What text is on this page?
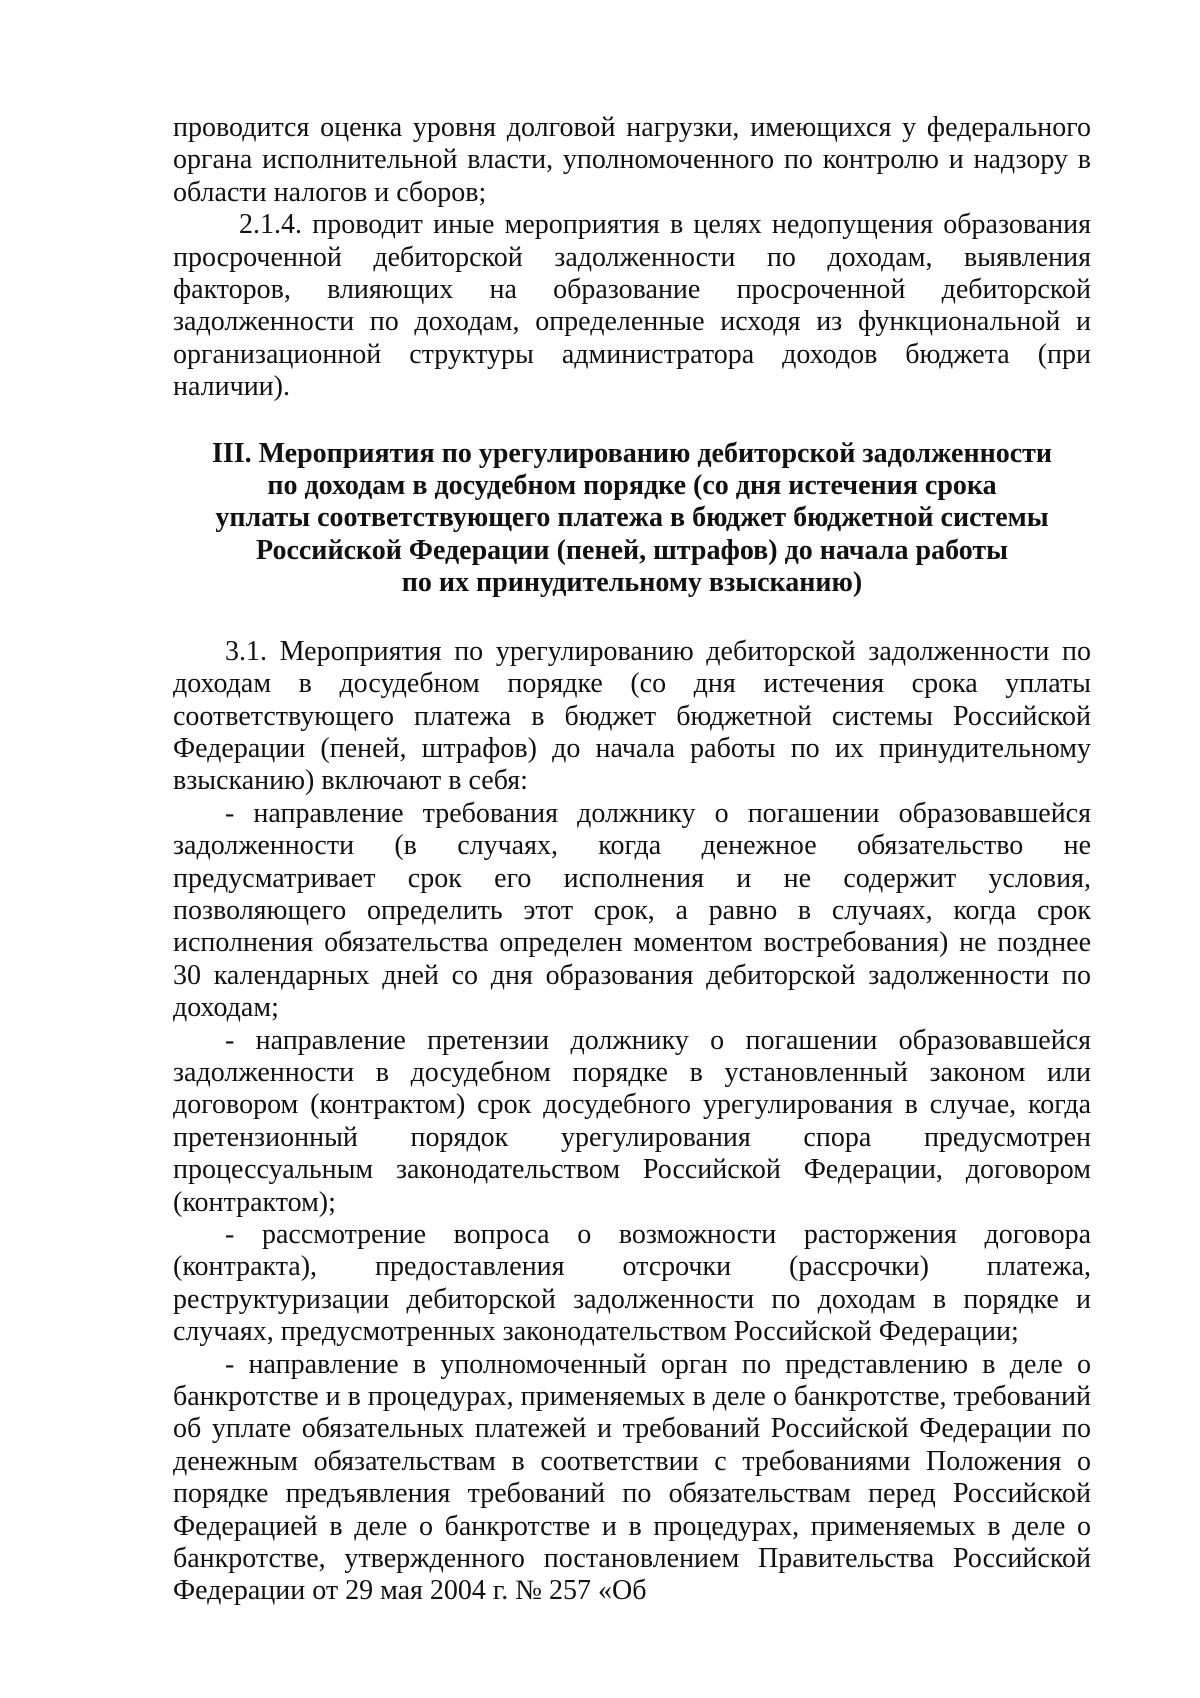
проводится оценка уровня долговой нагрузки, имеющихся у федерального органа исполнительной власти, уполномоченного по контролю и надзору в области налогов и сборов;

2.1.4. проводит иные мероприятия в целях недопущения образования просроченной дебиторской задолженности по доходам, выявления факторов, влияющих на образование просроченной дебиторской задолженности по доходам, определенные исходя из функциональной и организационной структуры администратора доходов бюджета (при наличии).

III. Мероприятия по урегулированию дебиторской задолженности
по доходам в досудебном порядке (со дня истечения срока
уплаты соответствующего платежа в бюджет бюджетной системы
Российской Федерации (пеней, штрафов) до начала работы
по их принудительному взысканию)

3.1. Мероприятия по урегулированию дебиторской задолженности по доходам в досудебном порядке (со дня истечения срока уплаты соответствующего платежа в бюджет бюджетной системы Российской Федерации (пеней, штрафов) до начала работы по их принудительному взысканию) включают в себя:

- направление требования должнику о погашении образовавшейся задолженности (в случаях, когда денежное обязательство не предусматривает срок его исполнения и не содержит условия, позволяющего определить этот срок, а равно в случаях, когда срок исполнения обязательства определен моментом востребования) не позднее 30 календарных дней со дня образования дебиторской задолженности по доходам;

- направление претензии должнику о погашении образовавшейся задолженности в досудебном порядке в установленный законом или договором (контрактом) срок досудебного урегулирования в случае, когда претензионный порядок урегулирования спора предусмотрен процессуальным законодательством Российской Федерации, договором (контрактом);

- рассмотрение вопроса о возможности расторжения договора (контракта), предоставления отсрочки (рассрочки) платежа, реструктуризации дебиторской задолженности по доходам в порядке и случаях, предусмотренных законодательством Российской Федерации;

- направление в уполномоченный орган по представлению в деле о банкротстве и в процедурах, применяемых в деле о банкротстве, требований об уплате обязательных платежей и требований Российской Федерации по денежным обязательствам в соответствии с требованиями Положения о порядке предъявления требований по обязательствам перед Российской Федерацией в деле о банкротстве и в процедурах, применяемых в деле о банкротстве, утвержденного постановлением Правительства Российской Федерации от 29 мая 2004 г. № 257 «Об
